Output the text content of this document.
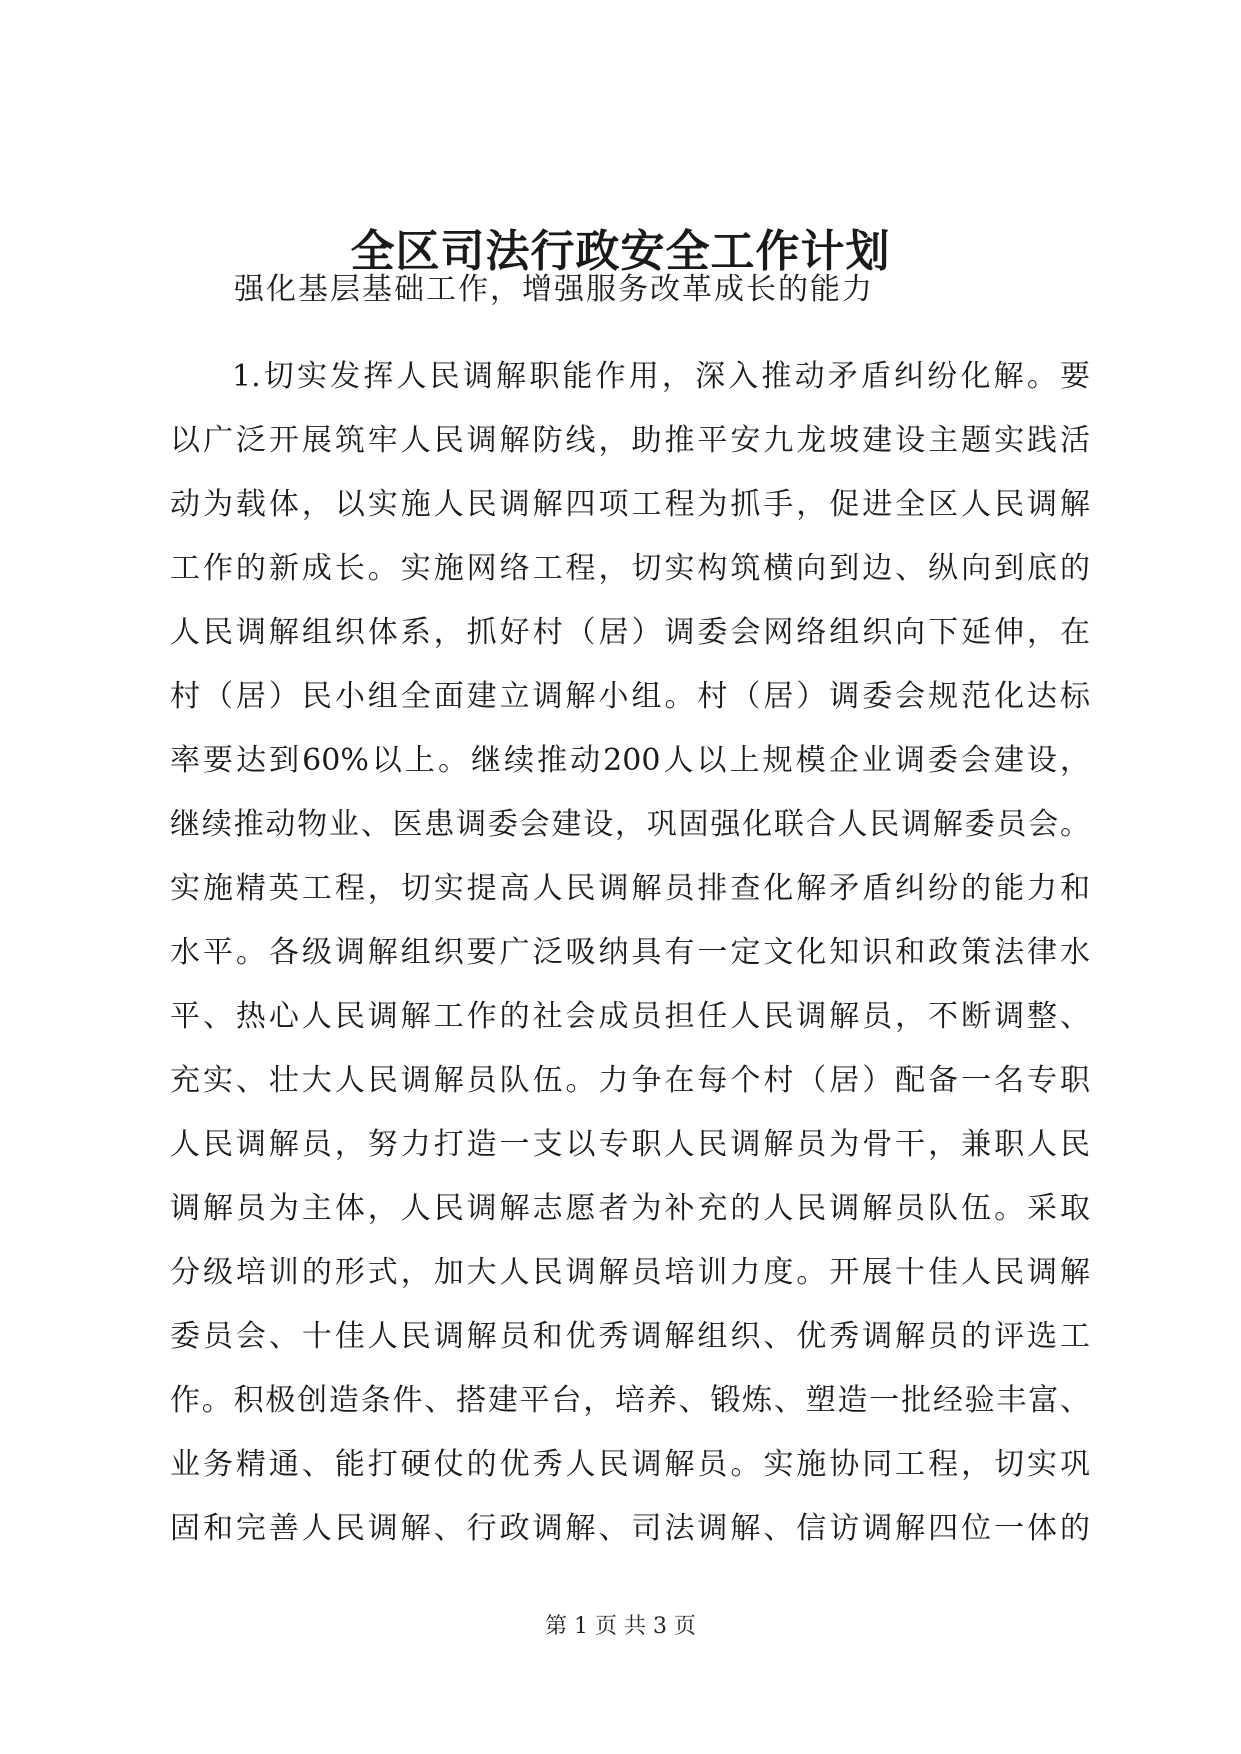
全区司法行政安全工作计划
强化基层基础工作，增强服务改革成长的能力
1.切实发挥人民调解职能作用，深入推动矛盾纠纷化解。要
以广泛开展筑牢人民调解防线，助推平安九龙坡建设主题实践活
动为载体，以实施人民调解四项工程为抓手，促进全区人民调解
工作的新成长。实施网络工程，切实构筑横向到边、纵向到底的
人民调解组织体系，抓好村（居）调委会网络组织向下延伸，在
村（居）民小组全面建立调解小组。村（居）调委会规范化达标
率要达到60%以上。继续推动200人以上规模企业调委会建设，
继续推动物业、医患调委会建设，巩固强化联合人民调解委员会。
实施精英工程，切实提高人民调解员排查化解矛盾纠纷的能力和
水平。各级调解组织要广泛吸纳具有一定文化知识和政策法律水
平、热心人民调解工作的社会成员担任人民调解员，不断调整、
充实、壮大人民调解员队伍。力争在每个村（居）配备一名专职
人民调解员，努力打造一支以专职人民调解员为骨干，兼职人民
调解员为主体，人民调解志愿者为补充的人民调解员队伍。采取
分级培训的形式，加大人民调解员培训力度。开展十佳人民调解
委员会、十佳人民调解员和优秀调解组织、优秀调解员的评选工
作。积极创造条件、搭建平台，培养、锻炼、塑造一批经验丰富、
业务精通、能打硬仗的优秀人民调解员。实施协同工程，切实巩
固和完善人民调解、行政调解、司法调解、信访调解四位一体的
第 1 页 共 3 页
